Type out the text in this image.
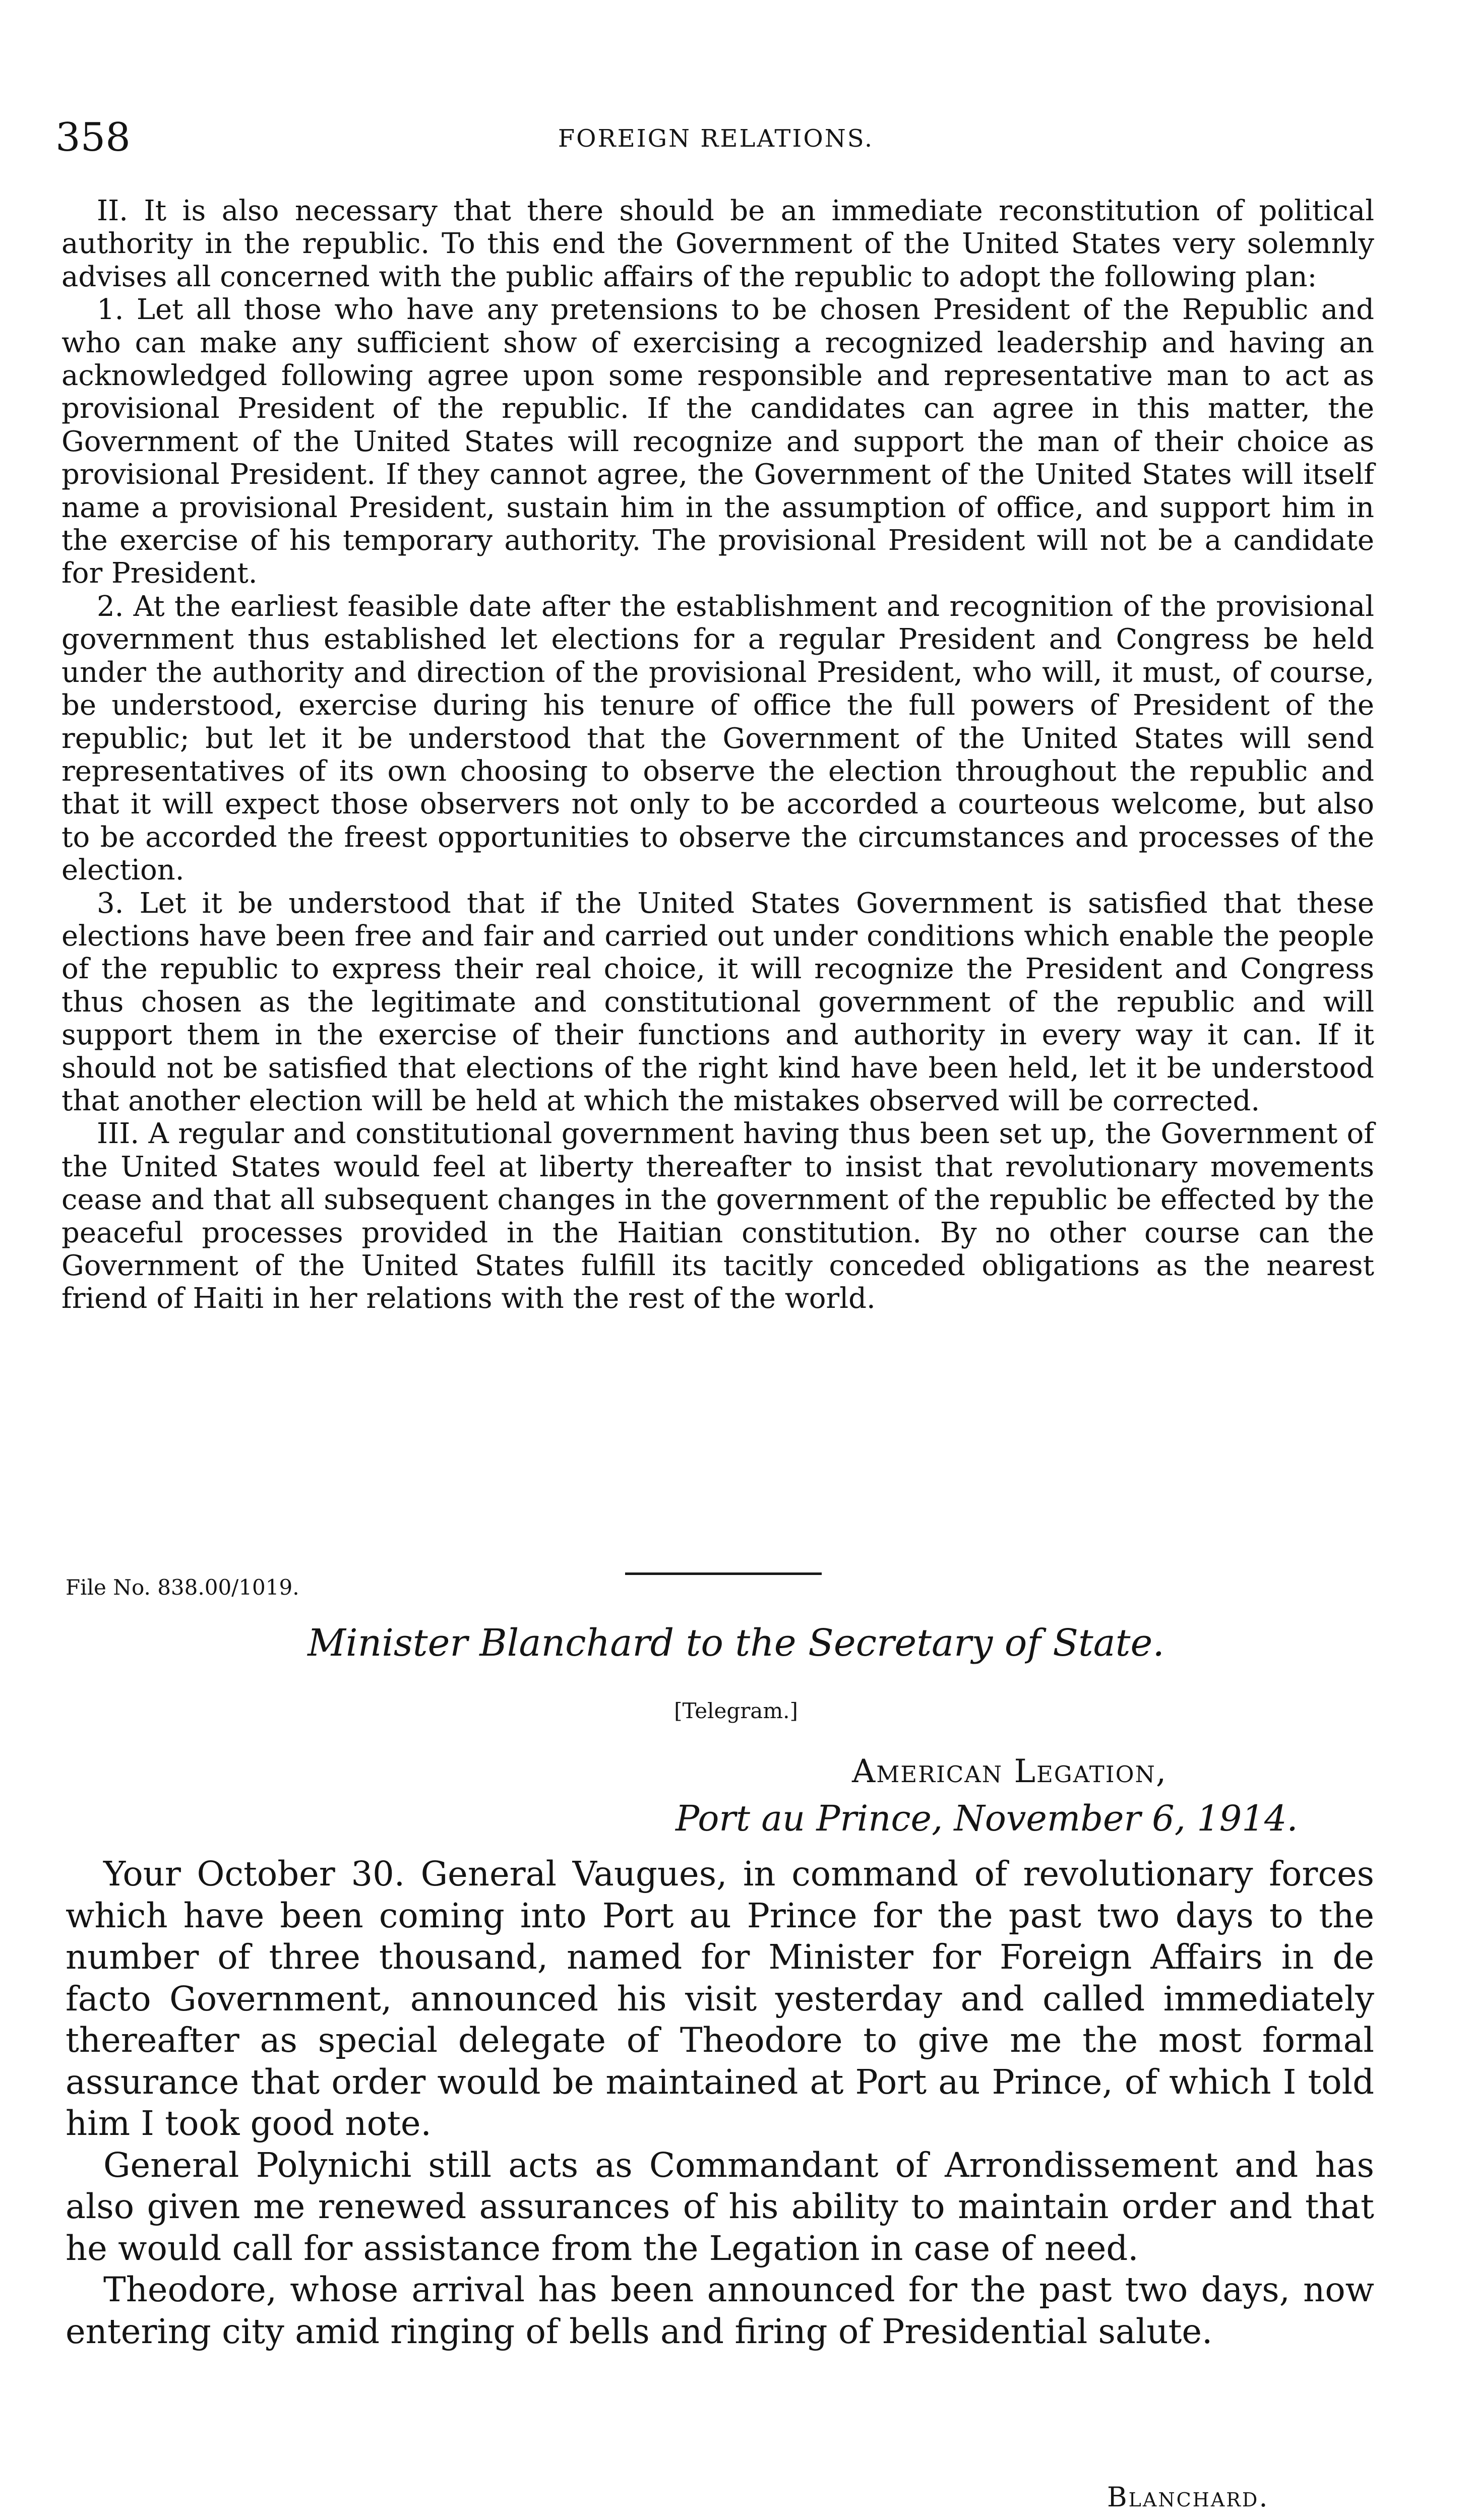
358	FOREIGN RELATIONS.

II. It is also necessary that there should be an immediate reconstitution of political authority in the republic. To this end the Government of the United States very solemnly advises all concerned with the public affairs of the republic to adopt the following plan:

1. Let all those who have any pretensions to be chosen President of the Republic and who can make any sufficient show of exercising a recognized leadership and having an acknowledged following agree upon some responsible and representative man to act as provisional President of the republic. If the candidates can agree in this matter, the Government of the United States will recognize and support the man of their choice as provisional President. If they cannot agree, the Government of the United States will itself name a provisional President, sustain him in the assumption of office, and support him in the exercise of his temporary authority. The provisional President will not be a candidate for President.

2. At the earliest feasible date after the establishment and recognition of the provisional government thus established let elections for a regular President and Congress be held under the authority and direction of the provisional President, who will, it must, of course, be understood, exercise during his tenure of office the full powers of President of the republic; but let it be understood that the Government of the United States will send representatives of its own choosing to observe the election throughout the republic and that it will expect those observers not only to be accorded a courteous welcome, but also to be accorded the freest opportunities to observe the circumstances and processes of the election.

3. Let it be understood that if the United States Government is satisfied that these elections have been free and fair and carried out under conditions which enable the people of the republic to express their real choice, it will recognize the President and Congress thus chosen as the legitimate and constitutional government of the republic and will support them in the exercise of their functions and authority in every way it can. If it should not be satisfied that elections of the right kind have been held, let it be understood that another election will be held at which the mistakes observed will be corrected.

III. A regular and constitutional government having thus been set up, the Government of the United States would feel at liberty thereafter to insist that revolutionary movements cease and that all subsequent changes in the government of the republic be effected by the peaceful processes provided in the Haitian constitution. By no other course can the Government of the United States fulfill its tacitly conceded obligations as the nearest friend of Haiti in her relations with the rest of the world.

File No. 838.00/1019.
Minister Blanchard to the Secretary of State.
[Telegram.]
American Legation,
Port au Prince, November 6, 1914.

Your October 30. General Vaugues, in command of revolutionary forces which have been coming into Port au Prince for the past two days to the number of three thousand, named for Minister for Foreign Affairs in de facto Government, announced his visit yesterday and called immediately thereafter as special delegate of Theodore to give me the most formal assurance that order would be maintained at Port au Prince, of which I told him I took good note.

General Polynichi still acts as Commandant of Arrondissement and has also given me renewed assurances of his ability to maintain order and that he would call for assistance from the Legation in case of need.

Theodore, whose arrival has been announced for the past two days, now entering city amid ringing of bells and firing of Presidential salute.

Blanchard.
